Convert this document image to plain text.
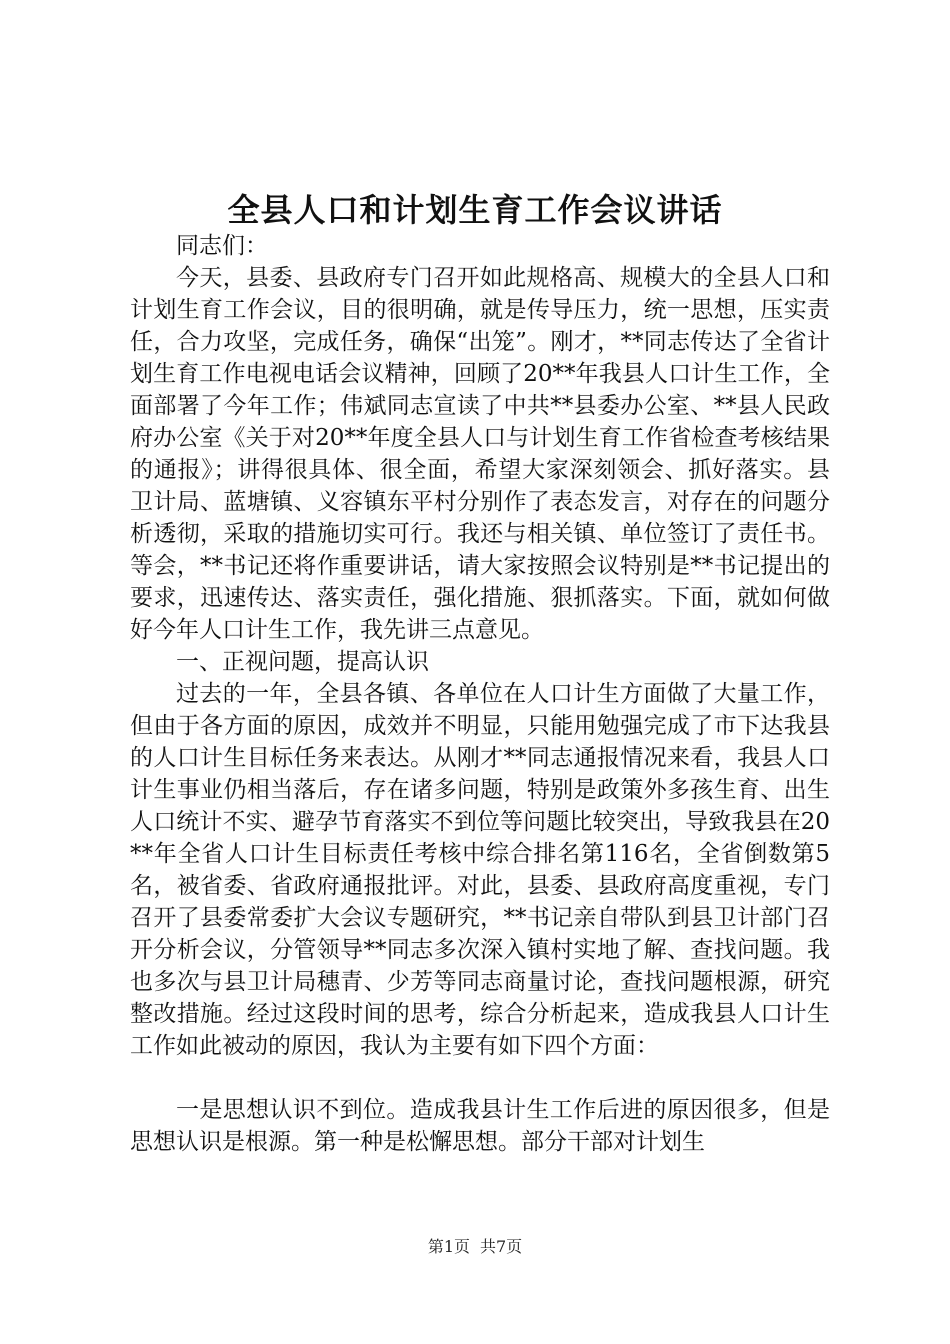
全县人口和计划生育工作会议讲话

同志们：

今天，县委、县政府专门召开如此规格高、规模大的全县人口和计划生育工作会议，目的很明确，就是传导压力，统一思想，压实责任，合力攻坚，完成任务，确保“出笼”。刚才，**同志传达了全省计划生育工作电视电话会议精神，回顾了20**年我县人口计生工作，全面部署了今年工作；伟斌同志宣读了中共**县委办公室、**县人民政府办公室《关于对20**年度全县人口与计划生育工作省检查考核结果的通报》；讲得很具体、很全面，希望大家深刻领会、抓好落实。县卫计局、蓝塘镇、义容镇东平村分别作了表态发言，对存在的问题分析透彻，采取的措施切实可行。我还与相关镇、单位签订了责任书。等会，**书记还将作重要讲话，请大家按照会议特别是**书记提出的要求，迅速传达、落实责任，强化措施、狠抓落实。下面，就如何做好今年人口计生工作，我先讲三点意见。

一、正视问题，提高认识

过去的一年，全县各镇、各单位在人口计生方面做了大量工作，但由于各方面的原因，成效并不明显，只能用勉强完成了市下达我县的人口计生目标任务来表达。从刚才**同志通报情况来看，我县人口计生事业仍相当落后，存在诸多问题，特别是政策外多孩生育、出生人口统计不实、避孕节育落实不到位等问题比较突出，导致我县在20**年全省人口计生目标责任考核中综合排名第116名，全省倒数第5名，被省委、省政府通报批评。对此，县委、县政府高度重视，专门召开了县委常委扩大会议专题研究，**书记亲自带队到县卫计部门召开分析会议，分管领导**同志多次深入镇村实地了解、查找问题。我也多次与县卫计局穗青、少芳等同志商量讨论，查找问题根源，研究整改措施。经过这段时间的思考，综合分析起来，造成我县人口计生工作如此被动的原因，我认为主要有如下四个方面：

一是思想认识不到位。造成我县计生工作后进的原因很多，但是思想认识是根源。第一种是松懈思想。部分干部对计划生

第1页 共7页
